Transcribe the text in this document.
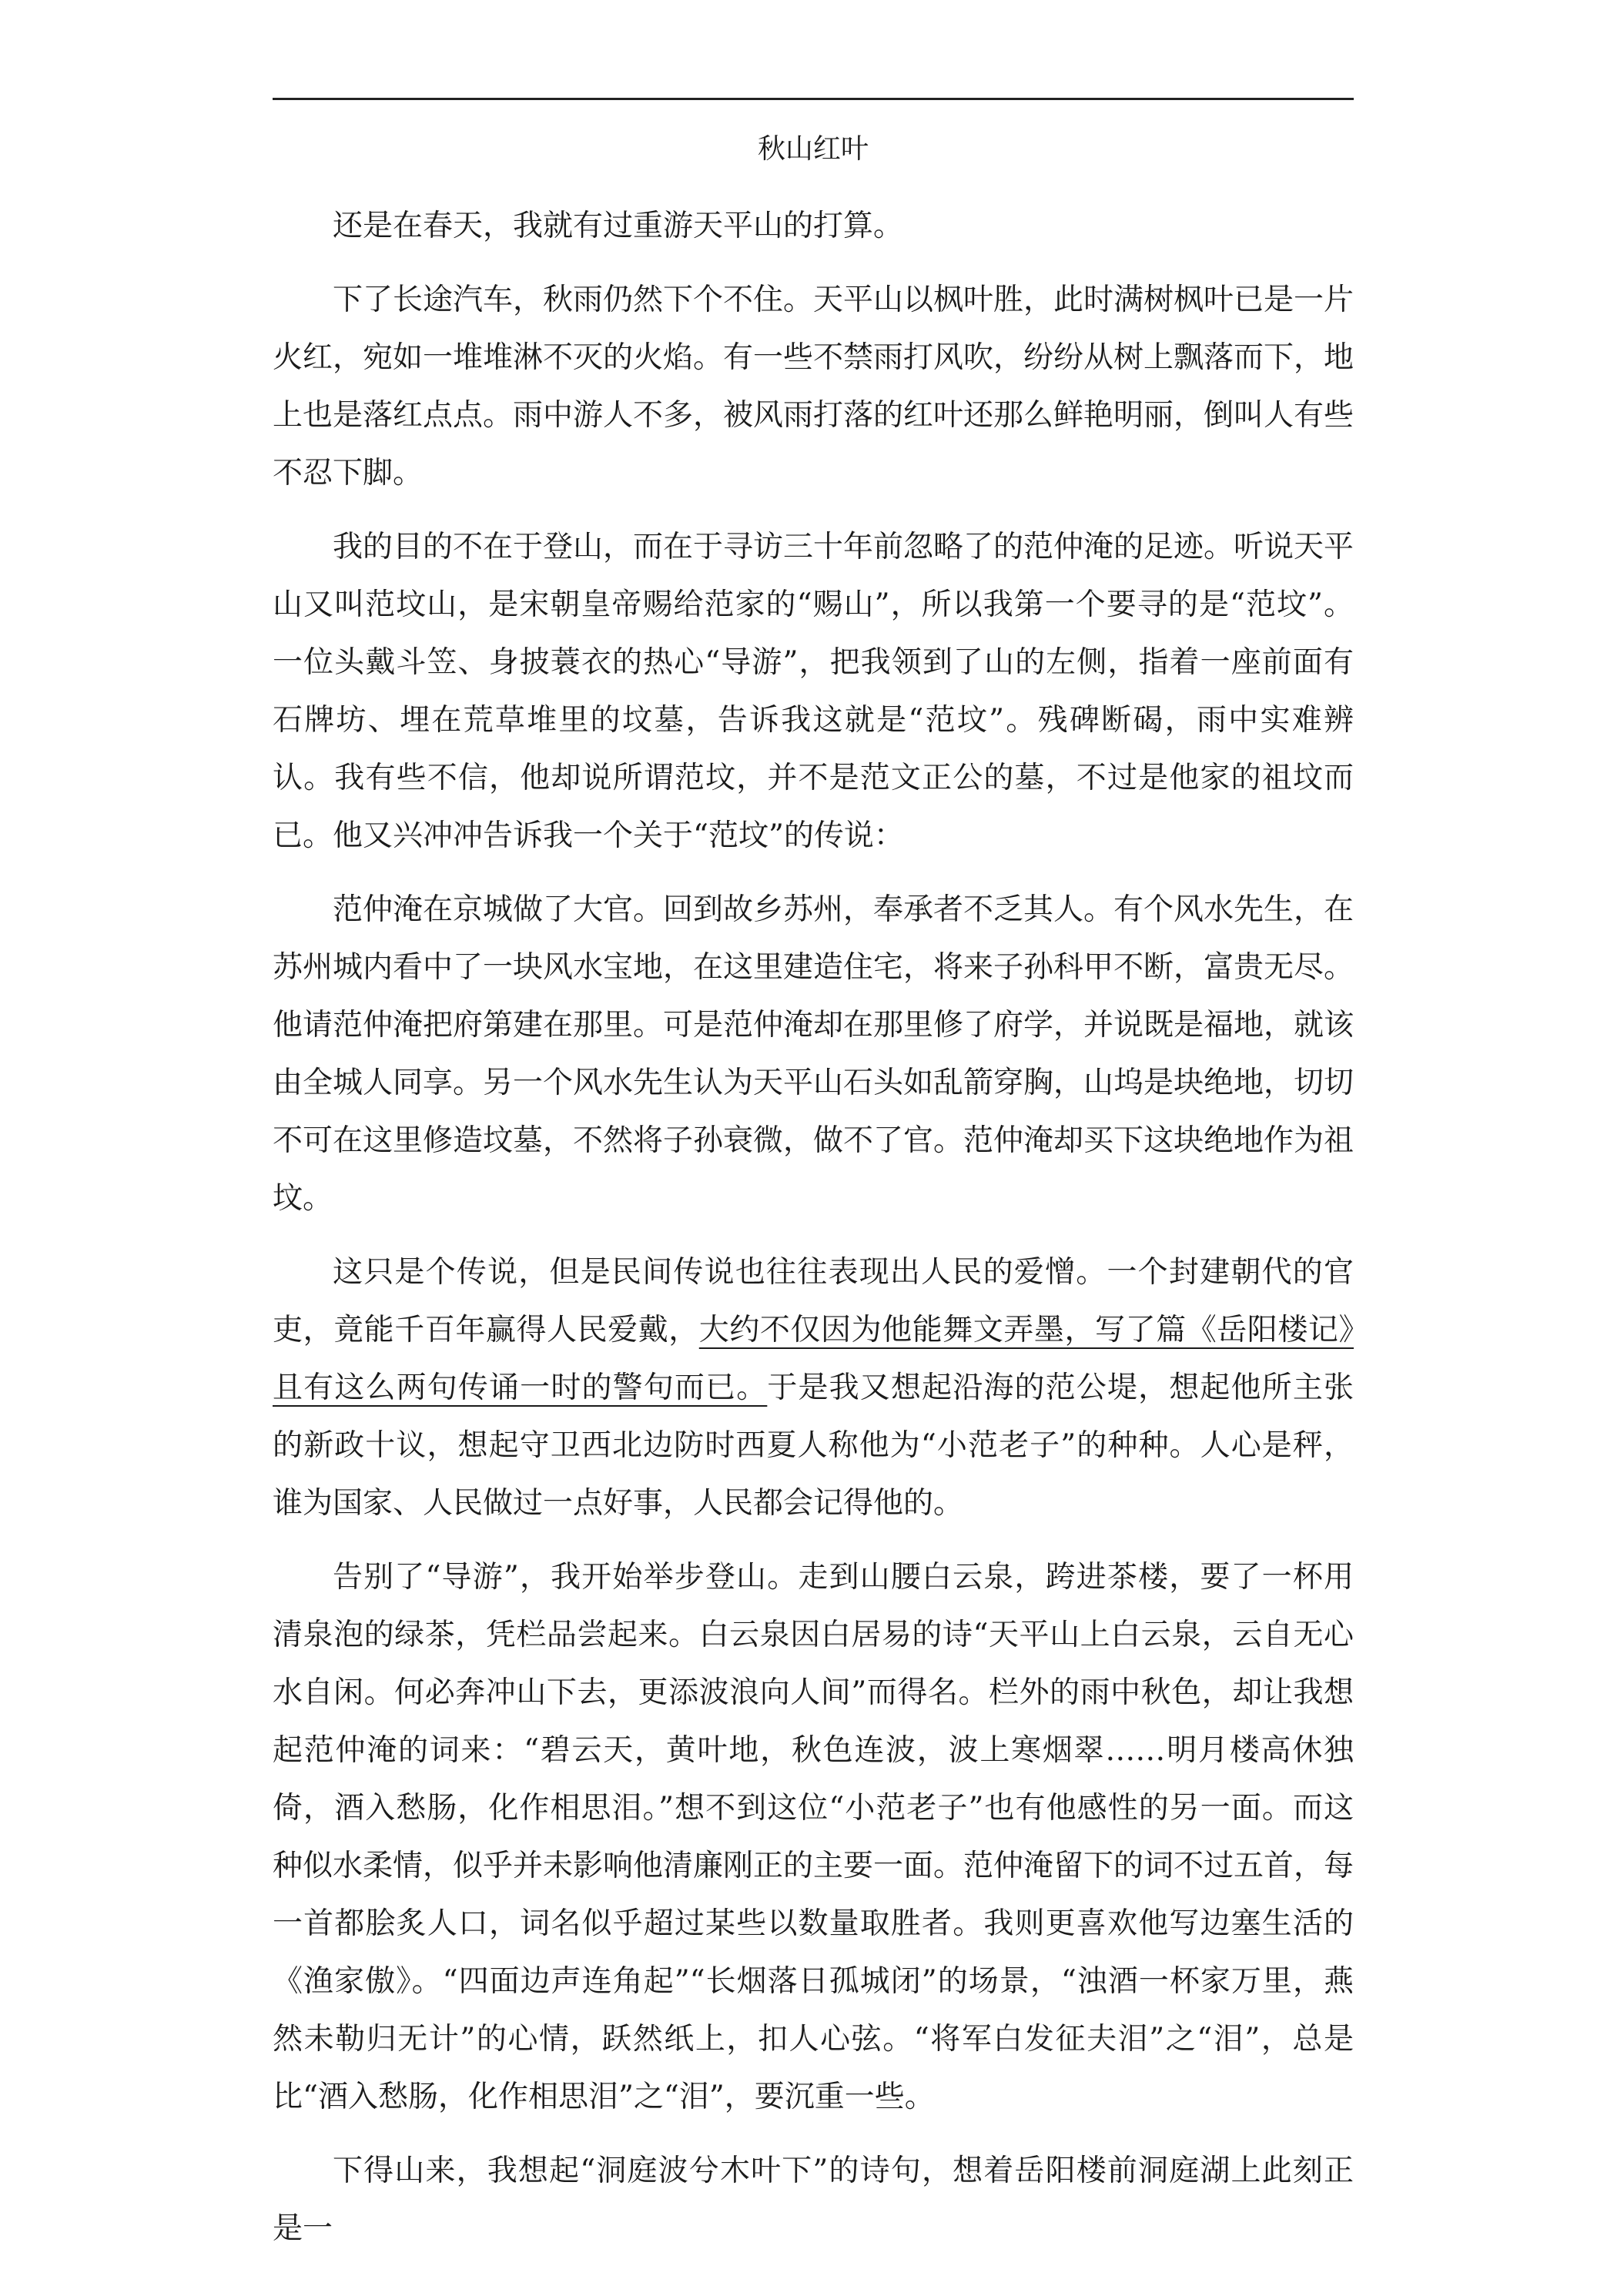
秋山红叶

还是在春天，我就有过重游天平山的打算。

下了长途汽车，秋雨仍然下个不住。天平山以枫叶胜，此时满树枫叶已是一片火红，宛如一堆堆淋不灭的火焰。有一些不禁雨打风吹，纷纷从树上飘落而下，地上也是落红点点。雨中游人不多，被风雨打落的红叶还那么鲜艳明丽，倒叫人有些不忍下脚。

我的目的不在于登山，而在于寻访三十年前忽略了的范仲淹的足迹。听说天平山又叫范坟山，是宋朝皇帝赐给范家的“赐山”，所以我第一个要寻的是“范坟”。一位头戴斗笠、身披蓑衣的热心“导游”，把我领到了山的左侧，指着一座前面有石牌坊、埋在荒草堆里的坟墓，告诉我这就是“范坟”。残碑断碣，雨中实难辨认。我有些不信，他却说所谓范坟，并不是范文正公的墓，不过是他家的祖坟而已。他又兴冲冲告诉我一个关于“范坟”的传说：

范仲淹在京城做了大官。回到故乡苏州，奉承者不乏其人。有个风水先生，在苏州城内看中了一块风水宝地，在这里建造住宅，将来子孙科甲不断，富贵无尽。他请范仲淹把府第建在那里。可是范仲淹却在那里修了府学，并说既是福地，就该由全城人同享。另一个风水先生认为天平山石头如乱箭穿胸，山坞是块绝地，切切不可在这里修造坟墓，不然将子孙衰微，做不了官。范仲淹却买下这块绝地作为祖坟。

这只是个传说，但是民间传说也往往表现出人民的爱憎。一个封建朝代的官吏，竟能千百年赢得人民爱戴，大约不仅因为他能舞文弄墨，写了篇《岳阳楼记》且有这么两句传诵一时的警句而已。于是我又想起沿海的范公堤，想起他所主张的新政十议，想起守卫西北边防时西夏人称他为“小范老子”的种种。人心是秤，谁为国家、人民做过一点好事，人民都会记得他的。

告别了“导游”，我开始举步登山。走到山腰白云泉，跨进茶楼，要了一杯用清泉泡的绿茶，凭栏品尝起来。白云泉因白居易的诗“天平山上白云泉，云自无心水自闲。何必奔冲山下去，更添波浪向人间”而得名。栏外的雨中秋色，却让我想起范仲淹的词来：“碧云天，黄叶地，秋色连波，波上寒烟翠……明月楼高休独倚，酒入愁肠，化作相思泪。”想不到这位“小范老子”也有他感性的另一面。而这种似水柔情，似乎并未影响他清廉刚正的主要一面。范仲淹留下的词不过五首，每一首都脍炙人口，词名似乎超过某些以数量取胜者。我则更喜欢他写边塞生活的《渔家傲》。“四面边声连角起”“长烟落日孤城闭”的场景，“浊酒一杯家万里，燕然未勒归无计”的心情，跃然纸上，扣人心弦。“将军白发征夫泪”之“泪”，总是比“酒入愁肠，化作相思泪”之“泪”，要沉重一些。

下得山来，我想起“洞庭波兮木叶下”的诗句，想着岳阳楼前洞庭湖上此刻正是一
